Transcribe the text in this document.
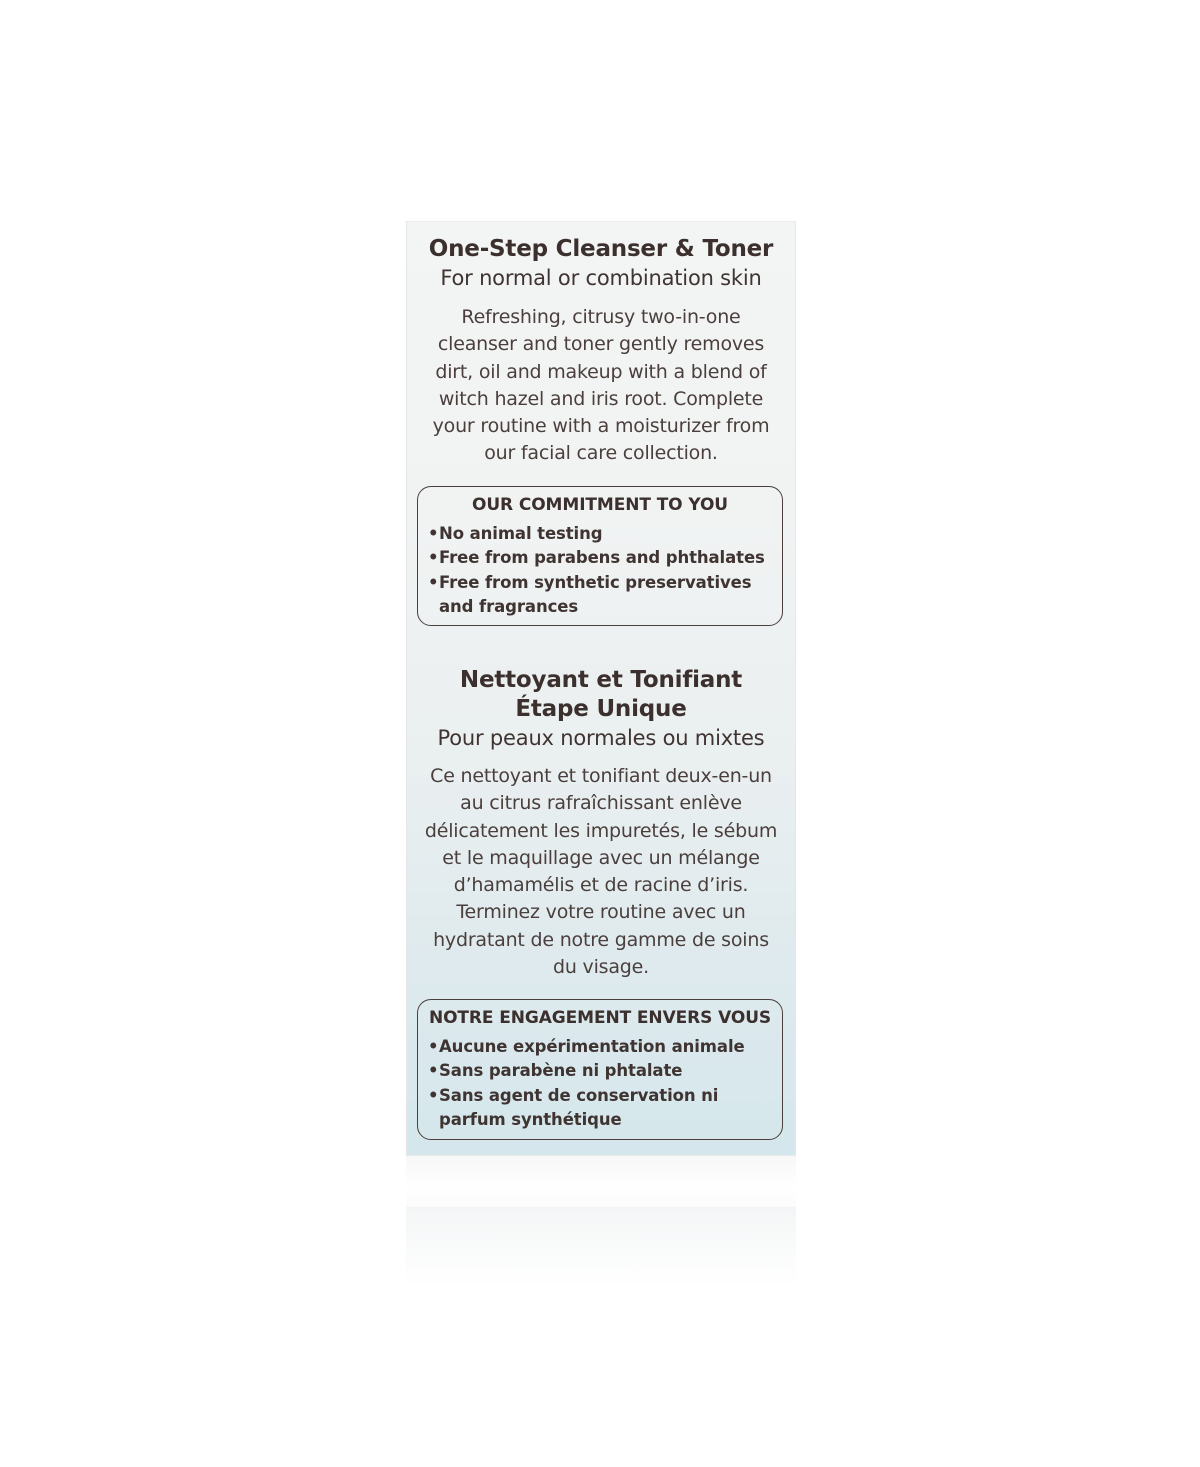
One-Step Cleanser & Toner
For normal or combination skin
Refreshing, citrusy two-in-one cleanser and toner gently removes dirt, oil and makeup with a blend of witch hazel and iris root. Complete your routine with a moisturizer from our facial care collection.
OUR COMMITMENT TO YOU
• No animal testing
• Free from parabens and phthalates
• Free from synthetic preservatives and fragrances
Nettoyant et Tonifiant
Étape Unique
Pour peaux normales ou mixtes
Ce nettoyant et tonifiant deux-en-un au citrus rafraîchissant enlève délicatement les impuretés, le sébum et le maquillage avec un mélange d’hamamélis et de racine d’iris. Terminez votre routine avec un hydratant de notre gamme de soins du visage.
NOTRE ENGAGEMENT ENVERS VOUS
• Aucune expérimentation animale
• Sans parabène ni phtalate
• Sans agent de conservation ni parfum synthétique
